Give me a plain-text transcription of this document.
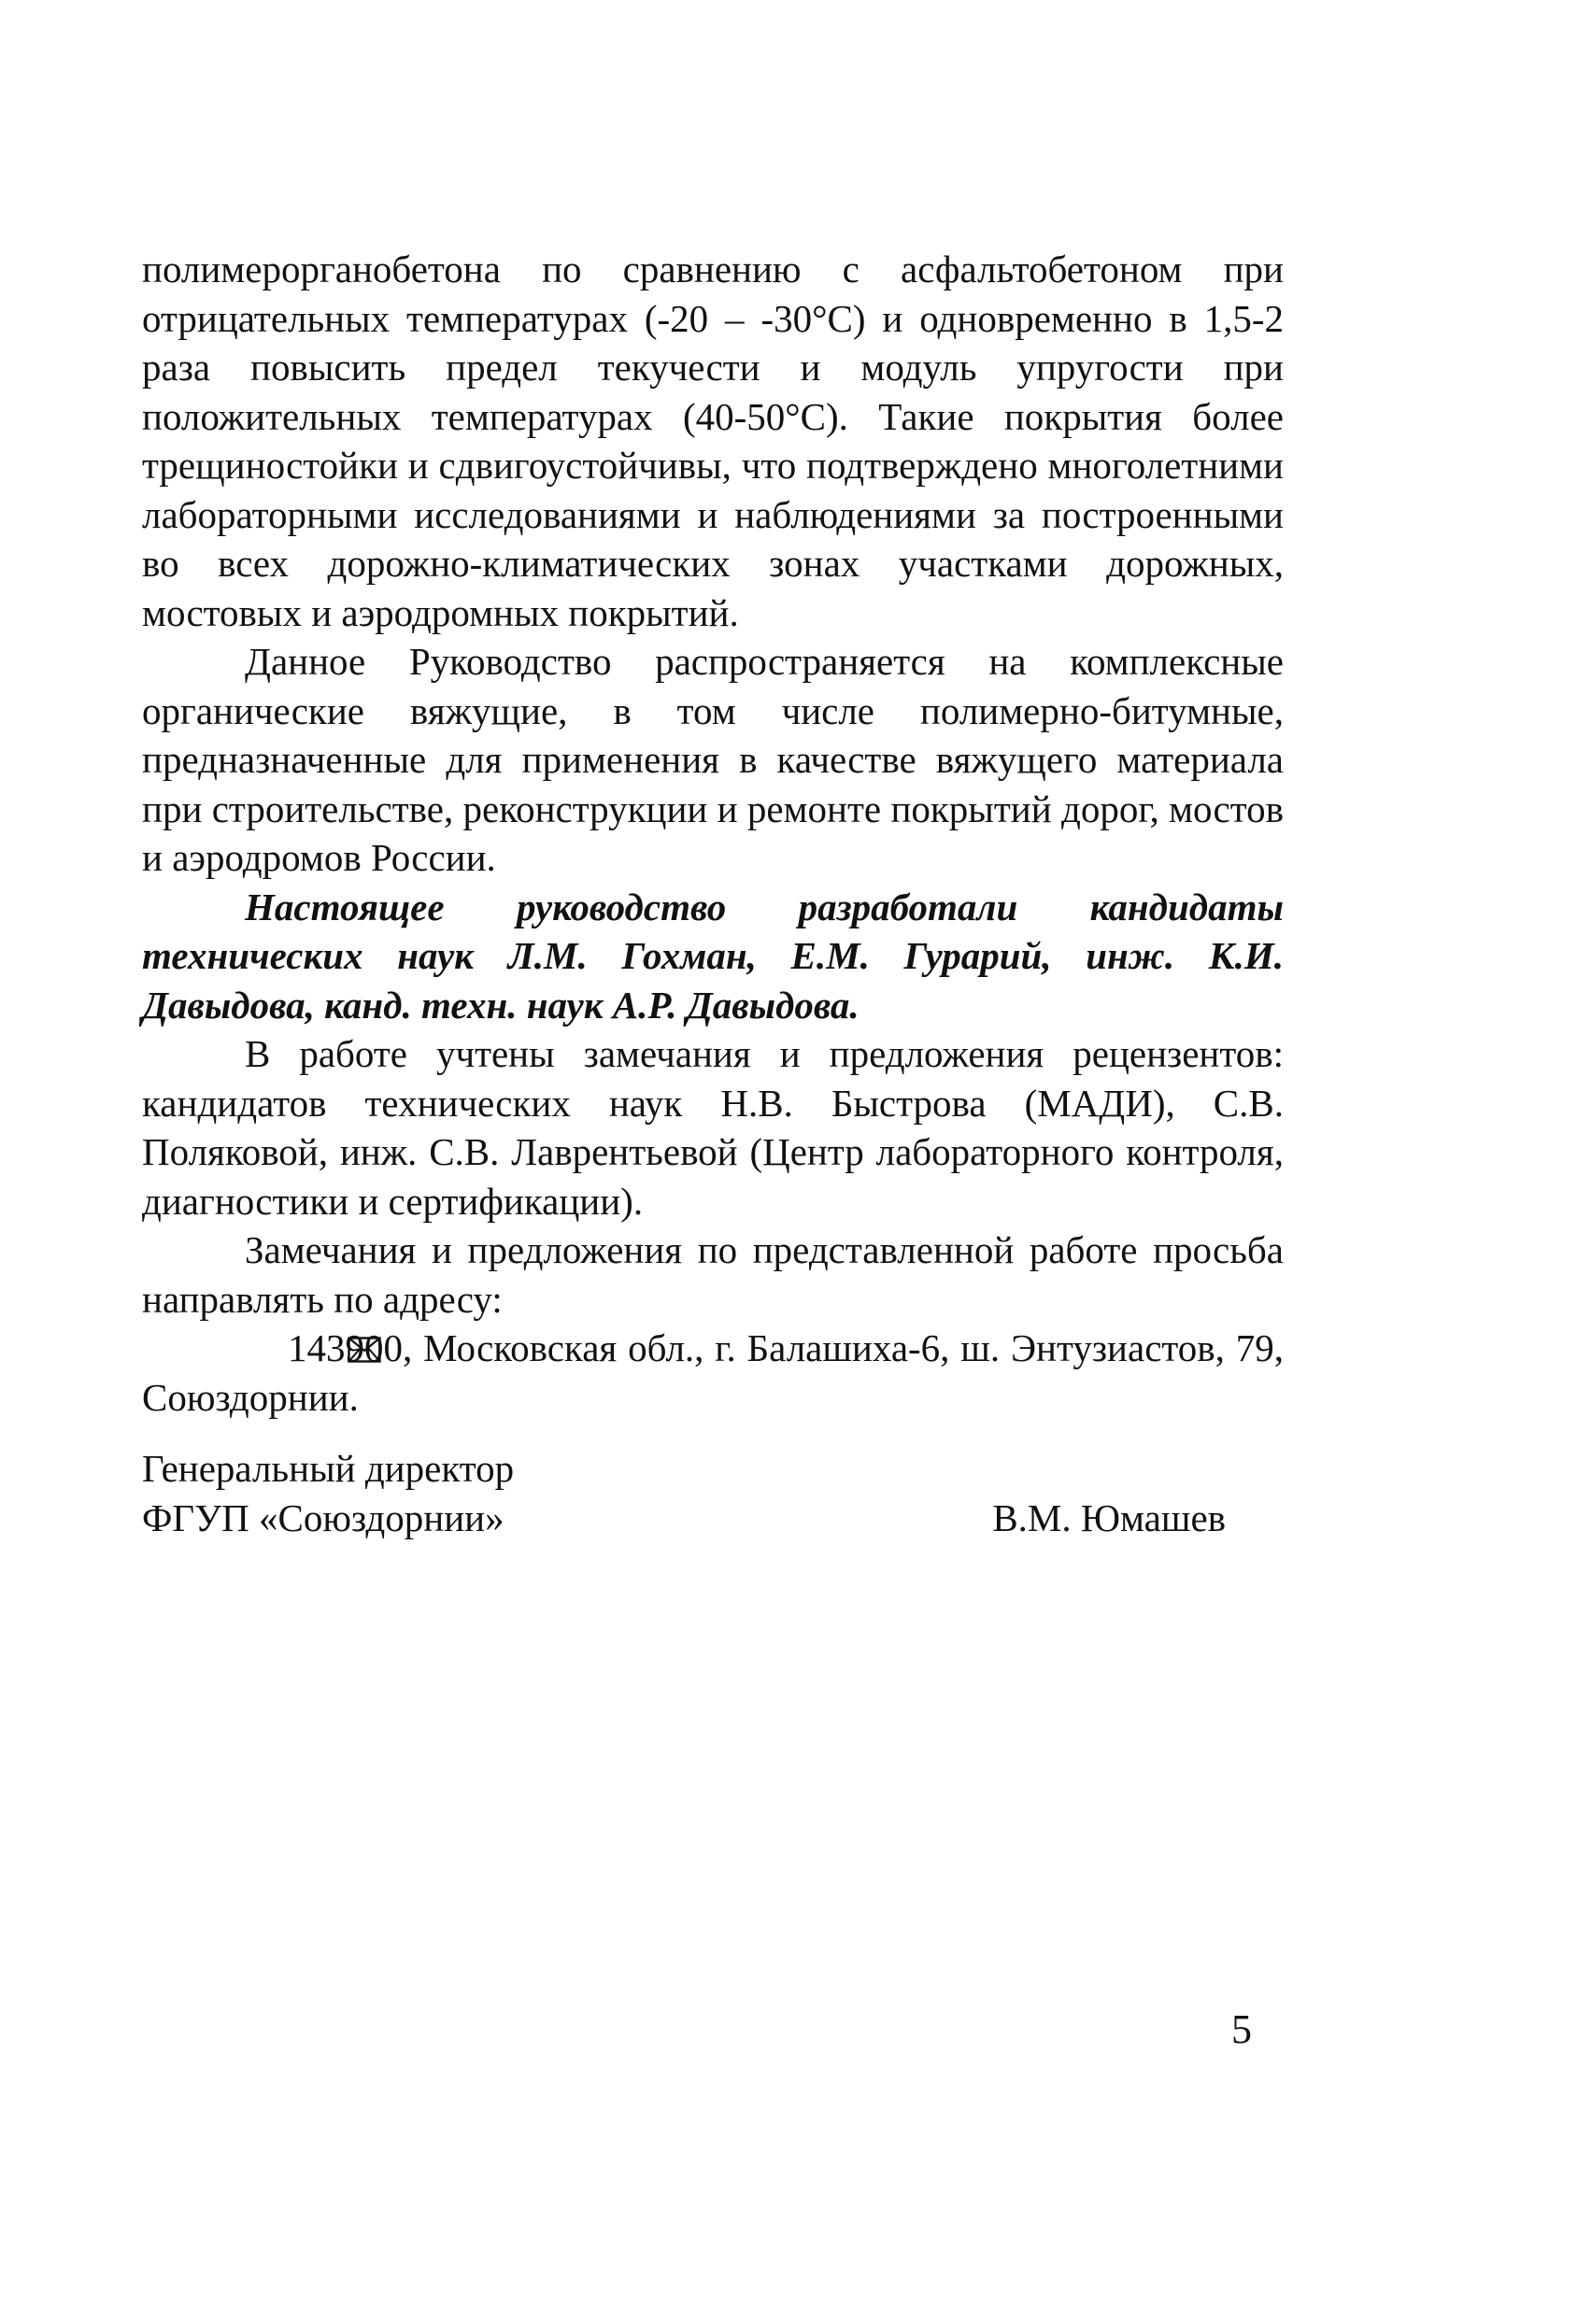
полимерорганобетона по сравнению с асфальтобетоном при отрицательных температурах (-20 – -30°С) и одновременно в 1,5-2 раза повысить предел текучести и модуль упругости при положительных температурах (40-50°С). Такие покрытия более трещиностойки и сдвигоустойчивы, что подтверждено многолетними лабораторными исследованиями и наблюдениями за построенными во всех дорожно-климатических зонах участками дорожных, мостовых и аэродромных покрытий.

Данное Руководство распространяется на комплексные органические вяжущие, в том числе полимерно-битумные, предназначенные для применения в качестве вяжущего материала при строительстве, реконструкции и ремонте покрытий дорог, мостов и аэродромов России.

Настоящее руководство разработали кандидаты технических наук Л.М. Гохман, Е.М. Гурарий, инж. К.И. Давыдова, канд. техн. наук А.Р. Давыдова.

В работе учтены замечания и предложения рецензентов: кандидатов технических наук Н.В. Быстрова (МАДИ), С.В. Поляковой, инж. С.В. Лаврентьевой (Центр лабораторного контроля, диагностики и сертификации).

Замечания и предложения по представленной работе просьба направлять по адресу:

143900, Московская обл., г. Балашиха-6, ш. Энтузиастов, 79, Союздорнии.

Генеральный директор
ФГУП «Союздорнии»	В.М. Юмашев
5
